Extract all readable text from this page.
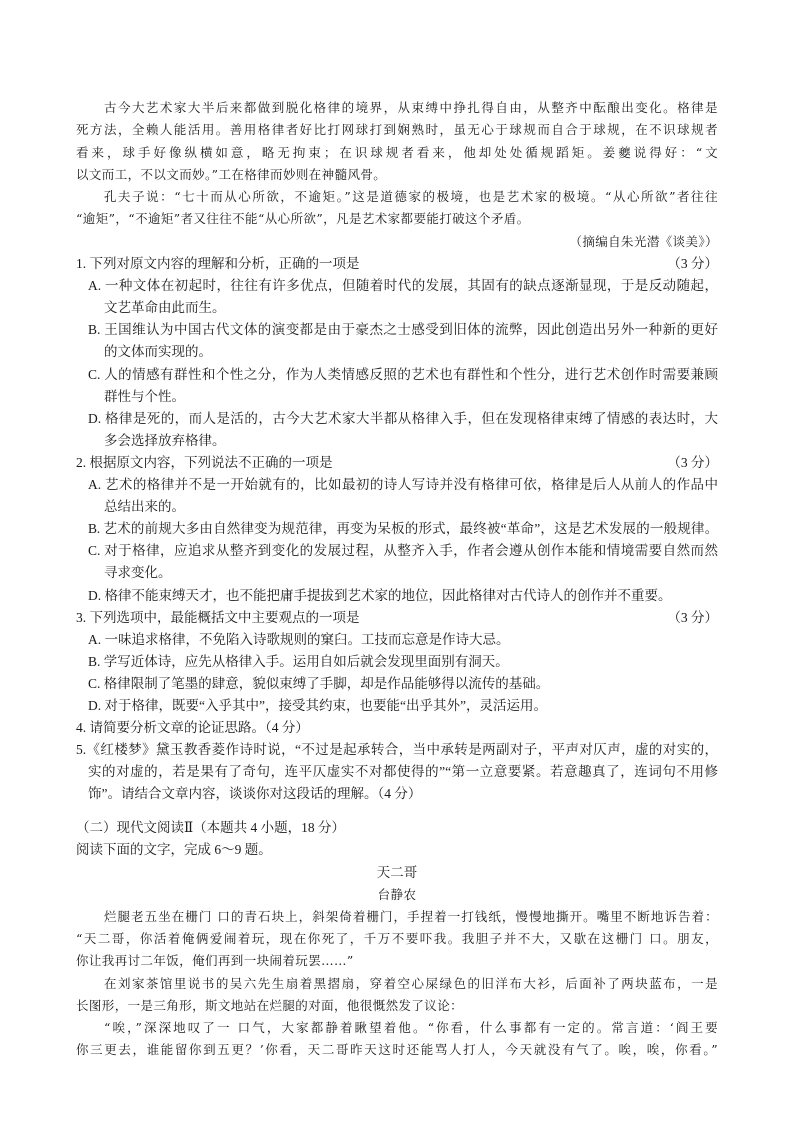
古今大艺术家大半后来都做到脱化格律的境界，从束缚中挣扎得自由，从整齐中酝酿出变化。格律是
死方法，全赖人能活用。善用格律者好比打网球打到娴熟时，虽无心于球规而自合于球规，在不识球规者
看来，球手好像纵横如意，略无拘束；在识球规者看来，他却处处循规蹈矩。姜夔说得好：“文
以文而工，不以文而妙。”工在格律而妙则在神髓风骨。
孔夫子说：“七十而从心所欲，不逾矩。”这是道德家的极境，也是艺术家的极境。“从心所欲”者往往
“逾矩”，“不逾矩”者又往往不能“从心所欲”，凡是艺术家都要能打破这个矛盾。
（摘编自朱光潜《谈美》）
1. 下列对原文内容的理解和分析，正确的一项是	（3 分）
A. 一种文体在初起时，往往有许多优点，但随着时代的发展，其固有的缺点逐渐显现，于是反动随起，
文艺革命由此而生。
B. 王国维认为中国古代文体的演变都是由于豪杰之士感受到旧体的流弊，因此创造出另外一种新的更好
的文体而实现的。
C. 人的情感有群性和个性之分，作为人类情感反照的艺术也有群性和个性分，进行艺术创作时需要兼顾
群性与个性。
D. 格律是死的，而人是活的，古今大艺术家大半都从格律入手，但在发现格律束缚了情感的表达时，大
多会选择放弃格律。
2. 根据原文内容，下列说法不正确的一项是	（3 分）
A. 艺术的格律并不是一开始就有的，比如最初的诗人写诗并没有格律可依，格律是后人从前人的作品中
总结出来的。
B. 艺术的前规大多由自然律变为规范律，再变为呆板的形式，最终被“革命”，这是艺术发展的一般规律。
C. 对于格律，应追求从整齐到变化的发展过程，从整齐入手，作者会遵从创作本能和情境需要自然而然
寻求变化。
D. 格律不能束缚天才，也不能把庸手提拔到艺术家的地位，因此格律对古代诗人的创作并不重要。
3. 下列选项中，最能概括文中主要观点的一项是	（3 分）
A. 一味追求格律，不免陷入诗歌规则的窠臼。工技而忘意是作诗大忌。
B. 学写近体诗，应先从格律入手。运用自如后就会发现里面别有洞天。
C. 格律限制了笔墨的肆意，貌似束缚了手脚，却是作品能够得以流传的基础。
D. 对于格律，既要“入乎其中”，接受其约束，也要能“出乎其外”，灵活运用。
4. 请简要分析文章的论证思路。（4 分）
5.《红楼梦》黛玉教香菱作诗时说，“不过是起承转合，当中承转是两副对子，平声对仄声，虚的对实的，
实的对虚的，若是果有了奇句，连平仄虚实不对都使得的”“第一立意要紧。若意趣真了，连词句不用修
饰”。请结合文章内容，谈谈你对这段话的理解。（4 分）
（二）现代文阅读Ⅱ（本题共 4 小题，18 分）
阅读下面的文字，完成 6～9 题。
天二哥
台静农
烂腿老五坐在栅门 口的青石块上，斜架倚着栅门，手捏着一打钱纸，慢慢地撕开。嘴里不断地诉告着：
“天二哥，你活着俺俩爱闹着玩，现在你死了，千万不要吓我。我胆子并不大，又歇在这栅门 口。朋友，
你让我再讨二年饭，俺们再到一块闹着玩罢……”
在刘家茶馆里说书的吴六先生扇着黑摺扇，穿着空心屎绿色的旧洋布大衫，后面补了两块蓝布，一是
长图形，一是三角形，斯文地站在烂腿的对面，他很慨然发了议论：
“唉，”深深地叹了一 口气，大家都静着瞅望着他。“你看，什么事都有一定的。常言道：‘阎王要
你三更去，谁能留你到五更？’你看，天二哥昨天这时还能骂人打人，今天就没有气了。唉，唉，你看。”
